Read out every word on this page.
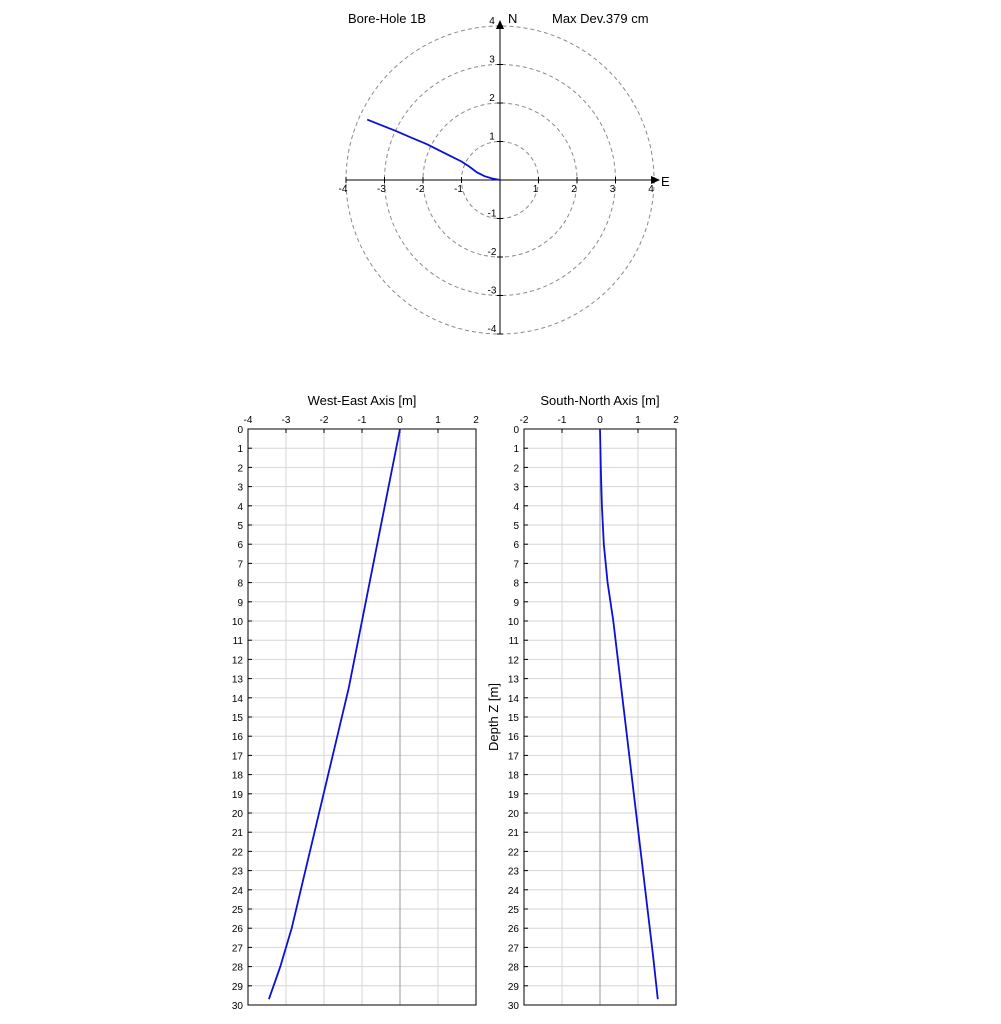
-4
-4
-3
-3
-2
-2
-1
-1
1
1
2
2
3
3
4
4 N
E
Bore-Hole 1B	Max Dev.379 cm
0
1
2
3
4
5
6
7
8
9
10
11
12
13
14
15
16
17
18
19
20
21
22
23
24
25
26
27
28
29
30
-4	-3	-2	-1	0	1	2
West-East Axis [m]
0
1
2
3
4
5
6
7
8
9
10
11
12
13
14
15
16
17
18
19
20
21
22
23
24
25
26
27
28
29
30
-2	-1	0	1	2
South-North Axis [m]
Depth Z [m]
